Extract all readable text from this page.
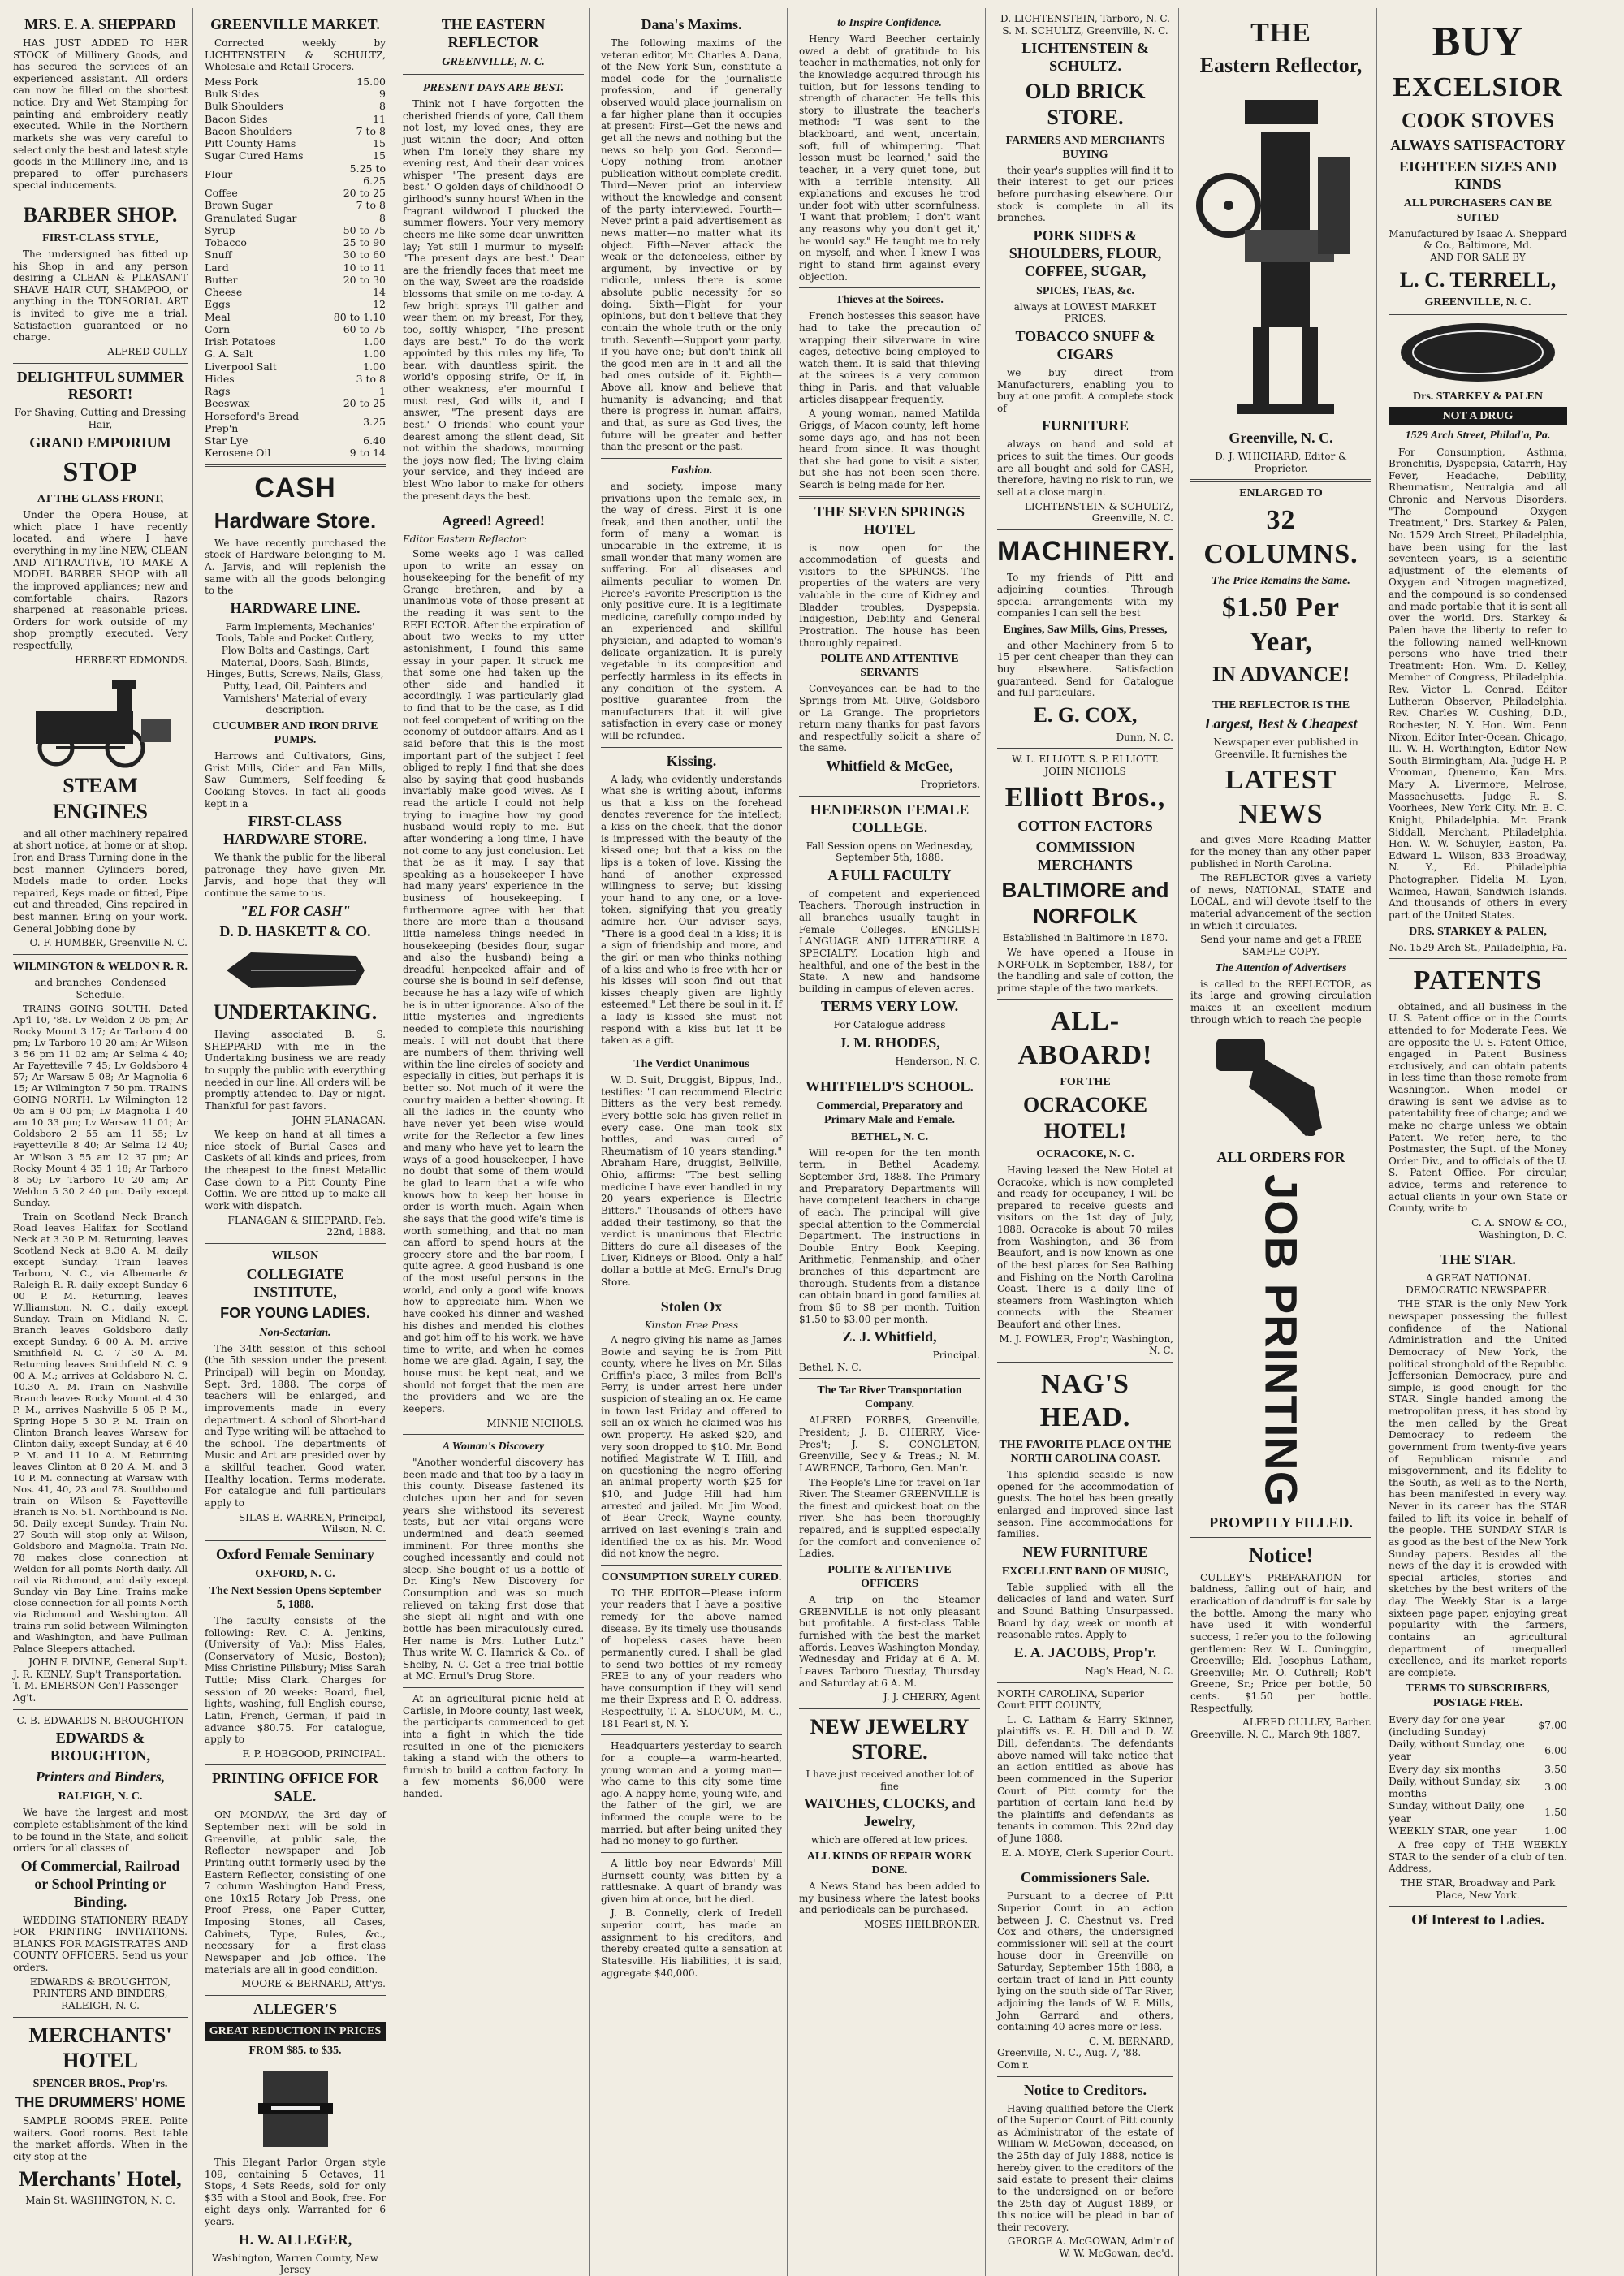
MRS. E. A. SHEPPARD
HAS JUST ADDED TO HER STOCK of Millinery Goods, and has secured the services of an experienced assistant. All orders can now be filled on the shortest notice. Dry and Wet Stamping for painting and embroidery neatly executed. While in the Northern markets she was very careful to select only the best and latest style goods in the Millinery line, and is prepared to offer purchasers special inducements.
BARBER SHOP.
FIRST-CLASS STYLE,
The undersigned has fitted up his Shop in and any person desiring a CLEAN & PLEASANT SHAVE HAIR CUT, SHAMPOO, or anything in the TONSORIAL ART is invited to give me a trial. Satisfaction guaranteed or no charge.
ALFRED CULLY
DELIGHTFUL SUMMER RESORT!
For Shaving, Cutting and Dressing Hair,
GRAND EMPORIUM
STOP
AT THE GLASS FRONT,
Under the Opera House, at which place I have recently located, and where I have everything in my line NEW, CLEAN AND ATTRACTIVE, TO MAKE A MODEL BARBER SHOP with all the improved appliances; new and comfortable chairs. Razors sharpened at reasonable prices. Orders for work outside of my shop promptly executed. Very respectfully,
HERBERT EDMONDS.
STEAM ENGINES
and all other machinery repaired at short notice, at home or at shop. Iron and Brass Turning done in the best manner. Cylinders bored, Models made to order. Locks repaired, Keys made or fitted, Pipe cut and threaded, Gins repaired in best manner. Bring on your work. General Jobbing done by
O. F. HUMBER, Greenville N. C.
WILMINGTON & WELDON R. R.
and branches—Condensed Schedule.
TRAINS GOING SOUTH. Dated Ap'l 10, '88. Lv Weldon 2 05 pm; Ar Rocky Mount 3 17; Ar Tarboro 4 00 pm; Lv Tarboro 10 20 am; Ar Wilson 3 56 pm 11 02 am; Ar Selma 4 40; Ar Fayetteville 7 45; Lv Goldsboro 4 57; Ar Warsaw 5 08; Ar Magnolia 6 15; Ar Wilmington 7 50 pm. TRAINS GOING NORTH. Lv Wilmington 12 05 am 9 00 pm; Lv Magnolia 1 40 am 10 33 pm; Lv Warsaw 11 01; Ar Goldsboro 2 55 am 11 55; Lv Fayetteville 8 40; Ar Selma 12 40; Ar Wilson 3 55 am 12 37 pm; Ar Rocky Mount 4 35 1 18; Ar Tarboro 8 50; Lv Tarboro 10 20 am; Ar Weldon 5 30 2 40 pm. Daily except Sunday.
Train on Scotland Neck Branch Road leaves Halifax for Scotland Neck at 3 30 P. M. Returning, leaves Scotland Neck at 9.30 A. M. daily except Sunday. Train leaves Tarboro, N. C., via Albemarle & Raleigh R. R. daily except Sunday 6 00 P. M. Returning, leaves Williamston, N. C., daily except Sunday. Train on Midland N. C. Branch leaves Goldsboro daily except Sunday, 6 00 A. M. arrive Smithfield N. C. 7 30 A. M. Returning leaves Smithfield N. C. 9 00 A. M.; arrives at Goldsboro N. C. 10.30 A. M. Train on Nashville Branch leaves Rocky Mount at 4 30 P. M., arrives Nashville 5 05 P. M., Spring Hope 5 30 P. M. Train on Clinton Branch leaves Warsaw for Clinton daily, except Sunday, at 6 40 P. M. and 11 10 A. M. Returning leaves Clinton at 8 20 A. M. and 3 10 P. M. connecting at Warsaw with Nos. 41, 40, 23 and 78. Southbound train on Wilson & Fayetteville Branch is No. 51. Northbound is No. 50. Daily except Sunday. Train No. 27 South will stop only at Wilson, Goldsboro and Magnolia. Train No. 78 makes close connection at Weldon for all points North daily. All rail via Richmond, and daily except Sunday via Bay Line. Trains make close connection for all points North via Richmond and Washington. All trains run solid between Wilmington and Washington, and have Pullman Palace Sleepers attached.
JOHN F. DIVINE, General Sup't.
J. R. KENLY, Sup't Transportation.
T. M. EMERSON Gen'l Passenger Ag't.
C. B. EDWARDS N. BROUGHTON
EDWARDS & BROUGHTON,
Printers and Binders,
RALEIGH, N. C.
We have the largest and most complete establishment of the kind to be found in the State, and solicit orders for all classes of
Of Commercial, Railroad or School Printing or Binding.
WEDDING STATIONERY READY FOR PRINTING INVITATIONS. BLANKS FOR MAGISTRATES AND COUNTY OFFICERS. Send us your orders.
EDWARDS & BROUGHTON, PRINTERS AND BINDERS, RALEIGH, N. C.
MERCHANTS' HOTEL
SPENCER BROS., Prop'rs.
THE DRUMMERS' HOME
SAMPLE ROOMS FREE. Polite waiters. Good rooms. Best table the market affords. When in the city stop at the
Merchants' Hotel,
Main St. WASHINGTON, N. C.
GREENVILLE MARKET.
Corrected weekly by LICHTENSTEIN & SCHULTZ, Wholesale and Retail Grocers.
Mess Pork	15.00
Bulk Sides	9
Bulk Shoulders	8
Bacon Sides	11
Bacon Shoulders	7 to 8
Pitt County Hams	15
Sugar Cured Hams	15
Flour	5.25 to 6.25
Coffee	20 to 25
Brown Sugar	7 to 8
Granulated Sugar	8
Syrup	50 to 75
Tobacco	25 to 90
Snuff	30 to 60
Lard	10 to 11
Butter	20 to 30
Cheese	14
Eggs	12
Meal	80 to 1.10
Corn	60 to 75
Irish Potatoes	1.00
G. A. Salt	1.00
Liverpool Salt	1.00
Hides	3 to 8
Rags	1
Beeswax	20 to 25
Horseford's Bread Prep'n	3.25
Star Lye	6.40
Kerosene Oil	9 to 14
CASH
Hardware Store.
We have recently purchased the stock of Hardware belonging to M. A. Jarvis, and will replenish the same with all the goods belonging to the
HARDWARE LINE.
Farm Implements, Mechanics' Tools, Table and Pocket Cutlery, Plow Bolts and Castings, Cart Material, Doors, Sash, Blinds, Hinges, Butts, Screws, Nails, Glass, Putty, Lead, Oil, Painters and Varnishers' Material of every description.
CUCUMBER AND IRON DRIVE PUMPS.
Harrows and Cultivators, Gins, Grist Mills, Cider and Fan Mills, Saw Gummers, Self-feeding & Cooking Stoves. In fact all goods kept in a
FIRST-CLASS HARDWARE STORE.
We thank the public for the liberal patronage they have given Mr. Jarvis, and hope that they will continue the same to us.
"EL FOR CASH"
D. D. HASKETT & CO.
UNDERTAKING.
Having associated B. S. SHEPPARD with me in the Undertaking business we are ready to supply the public with everything needed in our line. All orders will be promptly attended to. Day or night. Thankful for past favors.
JOHN FLANAGAN.
We keep on hand at all times a nice stock of Burial Cases and Caskets of all kinds and prices, from the cheapest to the finest Metallic Case down to a Pitt County Pine Coffin. We are fitted up to make all work with dispatch.
FLANAGAN & SHEPPARD. Feb. 22nd, 1888.
WILSON
COLLEGIATE INSTITUTE,
FOR YOUNG LADIES.
Non-Sectarian.
The 34th session of this school (the 5th session under the present Principal) will begin on Monday, Sept. 3rd, 1888. The corps of teachers will be enlarged, and improvements made in every department. A school of Short-hand and Type-writing will be attached to the school. The departments of Music and Art are presided over by a skillful teacher. Good water. Healthy location. Terms moderate. For catalogue and full particulars apply to
SILAS E. WARREN, Principal, Wilson, N. C.
Oxford Female Seminary
OXFORD, N. C.
The Next Session Opens September 5, 1888.
The faculty consists of the following: Rev. C. A. Jenkins, (University of Va.); Miss Hales, (Conservatory of Music, Boston); Miss Christine Pillsbury; Miss Sarah Tuttle; Miss Clark. Charges for session of 20 weeks: Board, fuel, lights, washing, full English course, Latin, French, German, if paid in advance $80.75. For catalogue, apply to
F. P. HOBGOOD, PRINCIPAL.
PRINTING OFFICE FOR SALE.
ON MONDAY, the 3rd day of September next will be sold in Greenville, at public sale, the Reflector newspaper and Job Printing outfit formerly used by the Eastern Reflector, consisting of one 7 column Washington Hand Press, one 10x15 Rotary Job Press, one Proof Press, one Paper Cutter, Imposing Stones, all Cases, Cabinets, Type, Rules, &c., necessary for a first-class Newspaper and Job office. The materials are all in good condition.
MOORE & BERNARD, Att'ys.
ALLEGER'S
GREAT REDUCTION IN PRICES
FROM $85. to $35.
This Elegant Parlor Organ style 109, containing 5 Octaves, 11 Stops, 4 Sets Reeds, sold for only $35 with a Stool and Book, free. For eight days only. Warranted for 6 years.
H. W. ALLEGER,
Washington, Warren County, New Jersey
THE EASTERN REFLECTOR
GREENVILLE, N. C.
PRESENT DAYS ARE BEST.
Think not I have forgotten the cherished friends of yore, Call them not lost, my loved ones, they are just within the door; And often when I'm lonely they share my evening rest, And their dear voices whisper "The present days are best." O golden days of childhood! O girlhood's sunny hours! When in the fragrant wildwood I plucked the summer flowers. Your very memory cheers me like some dear unwritten lay; Yet still I murmur to myself: "The present days are best." Dear are the friendly faces that meet me on the way, Sweet are the roadside blossoms that smile on me to-day. A few bright sprays I'll gather and wear them on my breast, For they, too, softly whisper, "The present days are best." To do the work appointed by this rules my life, To bear, with dauntless spirit, the world's opposing strife, Or if, in other weakness, e'er mournful I must rest, God wills it, and I answer, "The present days are best." O friends! who count your dearest among the silent dead, Sit not within the shadows, mourning the joys now fled; The living claim your service, and they indeed are blest Who labor to make for others the present days the best.
Agreed! Agreed!
Editor Eastern Reflector:
Some weeks ago I was called upon to write an essay on housekeeping for the benefit of my Grange brethren, and by a unanimous vote of those present at the reading it was sent to the REFLECTOR. After the expiration of about two weeks to my utter astonishment, I found this same essay in your paper. It struck me that some one had taken up the other side and handled it accordingly. I was particularly glad to find that to be the case, as I did not feel competent of writing on the economy of outdoor affairs. And as I said before that this is the most important part of the subject I feel obliged to reply. I find that she does also by saying that good husbands invariably make good wives. As I read the article I could not help trying to imagine how my good husband would reply to me. But after wondering a long time, I have not come to any just conclusion. Let that be as it may, I say that speaking as a housekeeper I have had many years' experience in the business of housekeeping. I furthermore agree with her that there are more than a thousand little nameless things needed in housekeeping (besides flour, sugar and also the husband) being a dreadful henpecked affair and of course she is bound in self defense, because he has a lazy wife of which he is in utter ignorance. Also of the little mysteries and ingredients needed to complete this nourishing meals. I will not doubt that there are numbers of them thriving well within the line circles of society and especially in cities, but perhaps it is better so. Not much of it were the country maiden a better showing. It all the ladies in the county who have never yet been wise would write for the Reflector a few lines and many who have yet to learn the ways of a good housekeeper, I have no doubt that some of them would be glad to learn that a wife who knows how to keep her house in order is worth much. Again when she says that the good wife's time is worth something, and that no man can afford to spend hours at the grocery store and the bar-room, I quite agree. A good husband is one of the most useful persons in the world, and only a good wife knows how to appreciate him. When we have cooked his dinner and washed his dishes and mended his clothes and got him off to his work, we have time to write, and when he comes home we are glad. Again, I say, the house must be kept neat, and we should not forget that the men are the providers and we are the keepers.
MINNIE NICHOLS.
A Woman's Discovery
"Another wonderful discovery has been made and that too by a lady in this county. Disease fastened its clutches upon her and for seven years she withstood its severest tests, but her vital organs were undermined and death seemed imminent. For three months she coughed incessantly and could not sleep. She bought of us a bottle of Dr. King's New Discovery for Consumption and was so much relieved on taking first dose that she slept all night and with one bottle has been miraculously cured. Her name is Mrs. Luther Lutz." Thus write W. C. Hamrick & Co., of Shelby, N. C. Get a free trial bottle at MC. Ernul's Drug Store.
At an agricultural picnic held at Carlisle, in Moore county, last week, the participants commenced to get into a fight in which the tide resulted in one of the picnickers taking a stand with the others to furnish to build a cotton factory. In a few moments $6,000 were handed.
Dana's Maxims.
The following maxims of the veteran editor, Mr. Charles A. Dana, of the New York Sun, constitute a model code for the journalistic profession, and if generally observed would place journalism on a far higher plane than it occupies at present: First—Get the news and get all the news and nothing but the news so help you God. Second—Copy nothing from another publication without complete credit. Third—Never print an interview without the knowledge and consent of the party interviewed. Fourth—Never print a paid advertisement as news matter—no matter what its object. Fifth—Never attack the weak or the defenceless, either by argument, by invective or by ridicule, unless there is some absolute public necessity for so doing. Sixth—Fight for your opinions, but don't believe that they contain the whole truth or the only truth. Seventh—Support your party, if you have one; but don't think all the good men are in it and all the bad ones outside of it. Eighth—Above all, know and believe that humanity is advancing; and that there is progress in human affairs, and that, as sure as God lives, the future will be greater and better than the present or the past.
Fashion.
and society, impose many privations upon the female sex, in the way of dress. First it is one freak, and then another, until the form of many a woman is unbearable in the extreme, it is small wonder that many women are suffering. For all diseases and ailments peculiar to women Dr. Pierce's Favorite Prescription is the only positive cure. It is a legitimate medicine, carefully compounded by an experienced and skillful physician, and adapted to woman's delicate organization. It is purely vegetable in its composition and perfectly harmless in its effects in any condition of the system. A positive guarantee from the manufacturers that it will give satisfaction in every case or money will be refunded.
Kissing.
A lady, who evidently understands what she is writing about, informs us that a kiss on the forehead denotes reverence for the intellect; a kiss on the cheek, that the donor is impressed with the beauty of the kissed one; but that a kiss on the lips is a token of love. Kissing the hand of another expressed willingness to serve; but kissing your hand to any one, or a love-token, signifying that you greatly admire her. Our adviser says, "There is a good deal in a kiss; it is a sign of friendship and more, and the girl or man who thinks nothing of a kiss and who is free with her or his kisses will soon find out that kisses cheaply given are lightly esteemed." Let there be soul in it. If a lady is kissed she must not respond with a kiss but let it be taken as a gift.
The Verdict Unanimous
W. D. Suit, Druggist, Bippus, Ind., testifies: "I can recommend Electric Bitters as the very best remedy. Every bottle sold has given relief in every case. One man took six bottles, and was cured of Rheumatism of 10 years standing." Abraham Hare, druggist, Bellville, Ohio, affirms: "The best selling medicine I have ever handled in my 20 years experience is Electric Bitters." Thousands of others have added their testimony, so that the verdict is unanimous that Electric Bitters do cure all diseases of the Liver, Kidneys or Blood. Only a half dollar a bottle at McG. Ernul's Drug Store.
Stolen Ox
Kinston Free Press
A negro giving his name as James Bowie and saying he is from Pitt county, where he lives on Mr. Silas Griffin's place, 3 miles from Bell's Ferry, is under arrest here under suspicion of stealing an ox. He came in town last Friday and offered to sell an ox which he claimed was his own property. He asked $20, and very soon dropped to $10. Mr. Bond notified Magistrate W. T. Hill, and on questioning the negro offering an animal property worth $25 for $10, and Judge Hill had him arrested and jailed. Mr. Jim Wood, of Bear Creek, Wayne county, arrived on last evening's train and identified the ox as his. Mr. Wood did not know the negro.
CONSUMPTION SURELY CURED.
TO THE EDITOR—Please inform your readers that I have a positive remedy for the above named disease. By its timely use thousands of hopeless cases have been permanently cured. I shall be glad to send two bottles of my remedy FREE to any of your readers who have consumption if they will send me their Express and P. O. address. Respectfully, T. A. SLOCUM, M. C., 181 Pearl st, N. Y.
Headquarters yesterday to search for a couple—a warm-hearted, young woman and a young man—who came to this city some time ago. A happy home, young wife, and the father of the girl, we are informed the couple were to be married, but after being united they had no money to go further.
A little boy near Edwards' Mill Burnsett county, was bitten by a rattlesnake. A quart of brandy was given him at once, but he died.
J. B. Connelly, clerk of Iredell superior court, has made an assignment to his creditors, and thereby created quite a sensation at Statesville. His liabilities, it is said, aggregate $40,000.
to Inspire Confidence.
Henry Ward Beecher certainly owed a debt of gratitude to his teacher in mathematics, not only for the knowledge acquired through his tuition, but for lessons tending to strength of character. He tells this story to illustrate the teacher's method: "I was sent to the blackboard, and went, uncertain, soft, full of whimpering. 'That lesson must be learned,' said the teacher, in a very quiet tone, but with a terrible intensity. All explanations and excuses he trod under foot with utter scornfulness. 'I want that problem; I don't want any reasons why you don't get it,' he would say." He taught me to rely on myself, and when I knew I was right to stand firm against every objection.
Thieves at the Soirees.
French hostesses this season have had to take the precaution of wrapping their silverware in wire cages, detective being employed to watch them. It is said that thieving at the soirees is a very common thing in Paris, and that valuable articles disappear frequently.
A young woman, named Matilda Griggs, of Macon county, left home some days ago, and has not been heard from since. It was thought that she had gone to visit a sister, but she has not been seen there. Search is being made for her.
THE SEVEN SPRINGS HOTEL
is now open for the accommodation of guests and visitors to the SPRINGS. The properties of the waters are very valuable in the cure of Kidney and Bladder troubles, Dyspepsia, Indigestion, Debility and General Prostration. The house has been thoroughly repaired.
POLITE AND ATTENTIVE SERVANTS
Conveyances can be had to the Springs from Mt. Olive, Goldsboro or La Grange. The proprietors return many thanks for past favors and respectfully solicit a share of the same.
Whitfield & McGee,
Proprietors.
HENDERSON FEMALE COLLEGE.
Fall Session opens on Wednesday, September 5th, 1888.
A FULL FACULTY
of competent and experienced Teachers. Thorough instruction in all branches usually taught in Female Colleges. ENGLISH LANGUAGE AND LITERATURE A SPECIALTY. Location high and healthful, and one of the best in the State. A new and handsome building in campus of eleven acres.
TERMS VERY LOW.
For Catalogue address
J. M. RHODES,
Henderson, N. C.
WHITFIELD'S SCHOOL.
Commercial, Preparatory and Primary Male and Female.
BETHEL, N. C.
Will re-open for the ten month term, in Bethel Academy, September 3rd, 1888. The Primary and Preparatory Departments will have competent teachers in charge of each. The principal will give special attention to the Commercial Department. The instructions in Double Entry Book Keeping, Arithmetic, Penmanship, and other branches of this department are thorough. Students from a distance can obtain board in good families at from $6 to $8 per month. Tuition $1.50 to $3.00 per month.
Z. J. Whitfield,
Principal.
Bethel, N. C.
The Tar River Transportation Company.
ALFRED FORBES, Greenville, President; J. B. CHERRY, Vice-Pres't; J. S. CONGLETON, Greenville, Sec'y & Treas.; N. M. LAWRENCE, Tarboro, Gen. Man'r.
The People's Line for travel on Tar River. The Steamer GREENVILLE is the finest and quickest boat on the river. She has been thoroughly repaired, and is supplied especially for the comfort and convenience of Ladies.
POLITE & ATTENTIVE OFFICERS
A trip on the Steamer GREENVILLE is not only pleasant but profitable. A first-class Table furnished with the best the market affords. Leaves Washington Monday, Wednesday and Friday at 6 A. M. Leaves Tarboro Tuesday, Thursday and Saturday at 6 A. M.
J. J. CHERRY, Agent
NEW JEWELRY STORE.
I have just received another lot of fine
WATCHES, CLOCKS, and Jewelry,
which are offered at low prices.
ALL KINDS OF REPAIR WORK DONE.
A News Stand has been added to my business where the latest books and periodicals can be purchased.
MOSES HEILBRONER.
D. LICHTENSTEIN, Tarboro, N. C. S. M. SCHULTZ, Greenville, N. C.
LICHTENSTEIN & SCHULTZ.
OLD BRICK STORE.
FARMERS AND MERCHANTS BUYING
their year's supplies will find it to their interest to get our prices before purchasing elsewhere. Our stock is complete in all its branches.
PORK SIDES & SHOULDERS, FLOUR, COFFEE, SUGAR,
SPICES, TEAS, &c.
always at LOWEST MARKET PRICES.
TOBACCO SNUFF & CIGARS
we buy direct from Manufacturers, enabling you to buy at one profit. A complete stock of
FURNITURE
always on hand and sold at prices to suit the times. Our goods are all bought and sold for CASH, therefore, having no risk to run, we sell at a close margin.
LICHTENSTEIN & SCHULTZ, Greenville, N. C.
MACHINERY.
To my friends of Pitt and adjoining counties. Through special arrangements with my companies I can sell the best
Engines, Saw Mills, Gins, Presses,
and other Machinery from 5 to 15 per cent cheaper than they can buy elsewhere. Satisfaction guaranteed. Send for Catalogue and full particulars.
E. G. COX,
Dunn, N. C.
W. L. ELLIOTT. S. P. ELLIOTT. JOHN NICHOLS
Elliott Bros.,
COTTON FACTORS
COMMISSION MERCHANTS
BALTIMORE and NORFOLK
Established in Baltimore in 1870.
We have opened a House in NORFOLK in September, 1887, for the handling and sale of cotton, the prime staple of the two markets.
ALL-ABOARD!
FOR THE
OCRACOKE HOTEL!
OCRACOKE, N. C.
Having leased the New Hotel at Ocracoke, which is now completed and ready for occupancy, I will be prepared to receive guests and visitors on the 1st day of July, 1888. Ocracoke is about 70 miles from Washington, and 36 from Beaufort, and is now known as one of the best places for Sea Bathing and Fishing on the North Carolina Coast. There is a daily line of steamers from Washington which connects with the Steamer Beaufort and other lines.
M. J. FOWLER, Prop'r, Washington, N. C.
NAG'S HEAD.
THE FAVORITE PLACE ON THE NORTH CAROLINA COAST.
This splendid seaside is now opened for the accommodation of guests. The hotel has been greatly enlarged and improved since last season. Fine accommodations for families.
NEW FURNITURE
EXCELLENT BAND OF MUSIC,
Table supplied with all the delicacies of land and water. Surf and Sound Bathing Unsurpassed. Board by day, week or month at reasonable rates. Apply to
E. A. JACOBS, Prop'r.
Nag's Head, N. C.
NORTH CAROLINA, Superior Court PITT COUNTY,
L. C. Latham & Harry Skinner, plaintiffs vs. E. H. Dill and D. W. Dill, defendants. The defendants above named will take notice that an action entitled as above has been commenced in the Superior Court of Pitt county for the partition of certain land held by the plaintiffs and defendants as tenants in common. This 22nd day of June 1888.
E. A. MOYE, Clerk Superior Court.
Commissioners Sale.
Pursuant to a decree of Pitt Superior Court in an action between J. C. Chestnut vs. Fred Cox and others, the undersigned commissioner will sell at the court house door in Greenville on Saturday, September 15th 1888, a certain tract of land in Pitt county lying on the south side of Tar River, adjoining the lands of W. F. Mills, John Garrard and others, containing 40 acres more or less.
C. M. BERNARD,
Greenville, N. C., Aug. 7, '88. Com'r.
Notice to Creditors.
Having qualified before the Clerk of the Superior Court of Pitt county as Administrator of the estate of William W. McGowan, deceased, on the 25th day of July 1888, notice is hereby given to the creditors of the said estate to present their claims to the undersigned on or before the 25th day of August 1889, or this notice will be plead in bar of their recovery.
GEORGE A. McGOWAN, Adm'r of W. W. McGowan, dec'd.
THE
Eastern Reflector,
Greenville, N. C.
D. J. WHICHARD, Editor & Proprietor.
ENLARGED TO
32 COLUMNS.
The Price Remains the Same.
$1.50 Per Year,
IN ADVANCE!
THE REFLECTOR IS THE
Largest, Best & Cheapest
Newspaper ever published in Greenville. It furnishes the
LATEST NEWS
and gives More Reading Matter for the money than any other paper published in North Carolina.
The REFLECTOR gives a variety of news, NATIONAL, STATE and LOCAL, and will devote itself to the material advancement of the section in which it circulates.
Send your name and get a FREE SAMPLE COPY.
The Attention of Advertisers
is called to the REFLECTOR, as its large and growing circulation makes it an excellent medium through which to reach the people
ALL ORDERS FOR
JOB PRINTING
PROMPTLY FILLED.
Notice!
CULLEY'S PREPARATION for baldness, falling out of hair, and eradication of dandruff is for sale by the bottle. Among the many who have used it with wonderful success, I refer you to the following gentlemen: Rev. W. L. Cuninggim, Greenville; Eld. Josephus Latham, Greenville; Mr. O. Cuthrell; Rob't Greene, Sr.; Price per bottle, 50 cents. $1.50 per bottle. Respectfully,
ALFRED CULLEY, Barber.
Greenville, N. C., March 9th 1887.
BUY
EXCELSIOR
COOK STOVES
ALWAYS SATISFACTORY
EIGHTEEN SIZES AND KINDS
ALL PURCHASERS CAN BE SUITED
Manufactured by Isaac A. Sheppard & Co., Baltimore, Md.
AND FOR SALE BY
L. C. TERRELL,
GREENVILLE, N. C.
Drs. STARKEY & PALEN
NOT A DRUG
1529 Arch Street, Philad'a, Pa.
For Consumption, Asthma, Bronchitis, Dyspepsia, Catarrh, Hay Fever, Headache, Debility, Rheumatism, Neuralgia and all Chronic and Nervous Disorders. "The Compound Oxygen Treatment," Drs. Starkey & Palen, No. 1529 Arch Street, Philadelphia, have been using for the last seventeen years, is a scientific adjustment of the elements of Oxygen and Nitrogen magnetized, and the compound is so condensed and made portable that it is sent all over the world. Drs. Starkey & Palen have the liberty to refer to the following named well-known persons who have tried their Treatment: Hon. Wm. D. Kelley, Member of Congress, Philadelphia. Rev. Victor L. Conrad, Editor Lutheran Observer, Philadelphia. Rev. Charles W. Cushing, D.D., Rochester, N. Y. Hon. Wm. Penn Nixon, Editor Inter-Ocean, Chicago, Ill. W. H. Worthington, Editor New South Birmingham, Ala. Judge H. P. Vrooman, Quenemo, Kan. Mrs. Mary A. Livermore, Melrose, Massachusetts. Judge R. S. Voorhees, New York City. Mr. E. C. Knight, Philadelphia. Mr. Frank Siddall, Merchant, Philadelphia. Hon. W. W. Schuyler, Easton, Pa. Edward L. Wilson, 833 Broadway, N. Y., Ed. Philadelphia Photographer. Fidelia M. Lyon, Waimea, Hawaii, Sandwich Islands. And thousands of others in every part of the United States.
DRS. STARKEY & PALEN,
No. 1529 Arch St., Philadelphia, Pa.
PATENTS
obtained, and all business in the U. S. Patent office or in the Courts attended to for Moderate Fees. We are opposite the U. S. Patent Office, engaged in Patent Business exclusively, and can obtain patents in less time than those remote from Washington. When model or drawing is sent we advise as to patentability free of charge; and we make no charge unless we obtain Patent. We refer, here, to the Postmaster, the Supt. of the Money Order Div., and to officials of the U. S. Patent Office. For circular, advice, terms and reference to actual clients in your own State or County, write to
C. A. SNOW & CO.,
Washington, D. C.
THE STAR.
A GREAT NATIONAL DEMOCRATIC NEWSPAPER.
THE STAR is the only New York newspaper possessing the fullest confidence of the National Administration and the United Democracy of New York, the political stronghold of the Republic. Jeffersonian Democracy, pure and simple, is good enough for the STAR. Single handed among the metropolitan press, it has stood by the men called by the Great Democracy to redeem the government from twenty-five years of Republican misrule and misgovernment, and its fidelity to the South, as well as to the North, has been manifested in every way. Never in its career has the STAR failed to lift its voice in behalf of the people. THE SUNDAY STAR is as good as the best of the New York Sunday papers. Besides all the news of the day it is crowded with special articles, stories and sketches by the best writers of the day. The Weekly Star is a large sixteen page paper, enjoying great popularity with the farmers, contains an agricultural department of unequalled excellence, and its market reports are complete.
TERMS TO SUBSCRIBERS, POSTAGE FREE.
Every day for one year (including Sunday)	$7.00
Daily, without Sunday, one year	6.00
Every day, six months	3.50
Daily, without Sunday, six months	3.00
Sunday, without Daily, one year	1.50
WEEKLY STAR, one year	1.00
A free copy of THE WEEKLY STAR to the sender of a club of ten. Address,
THE STAR, Broadway and Park Place, New York.
Of Interest to Ladies.
